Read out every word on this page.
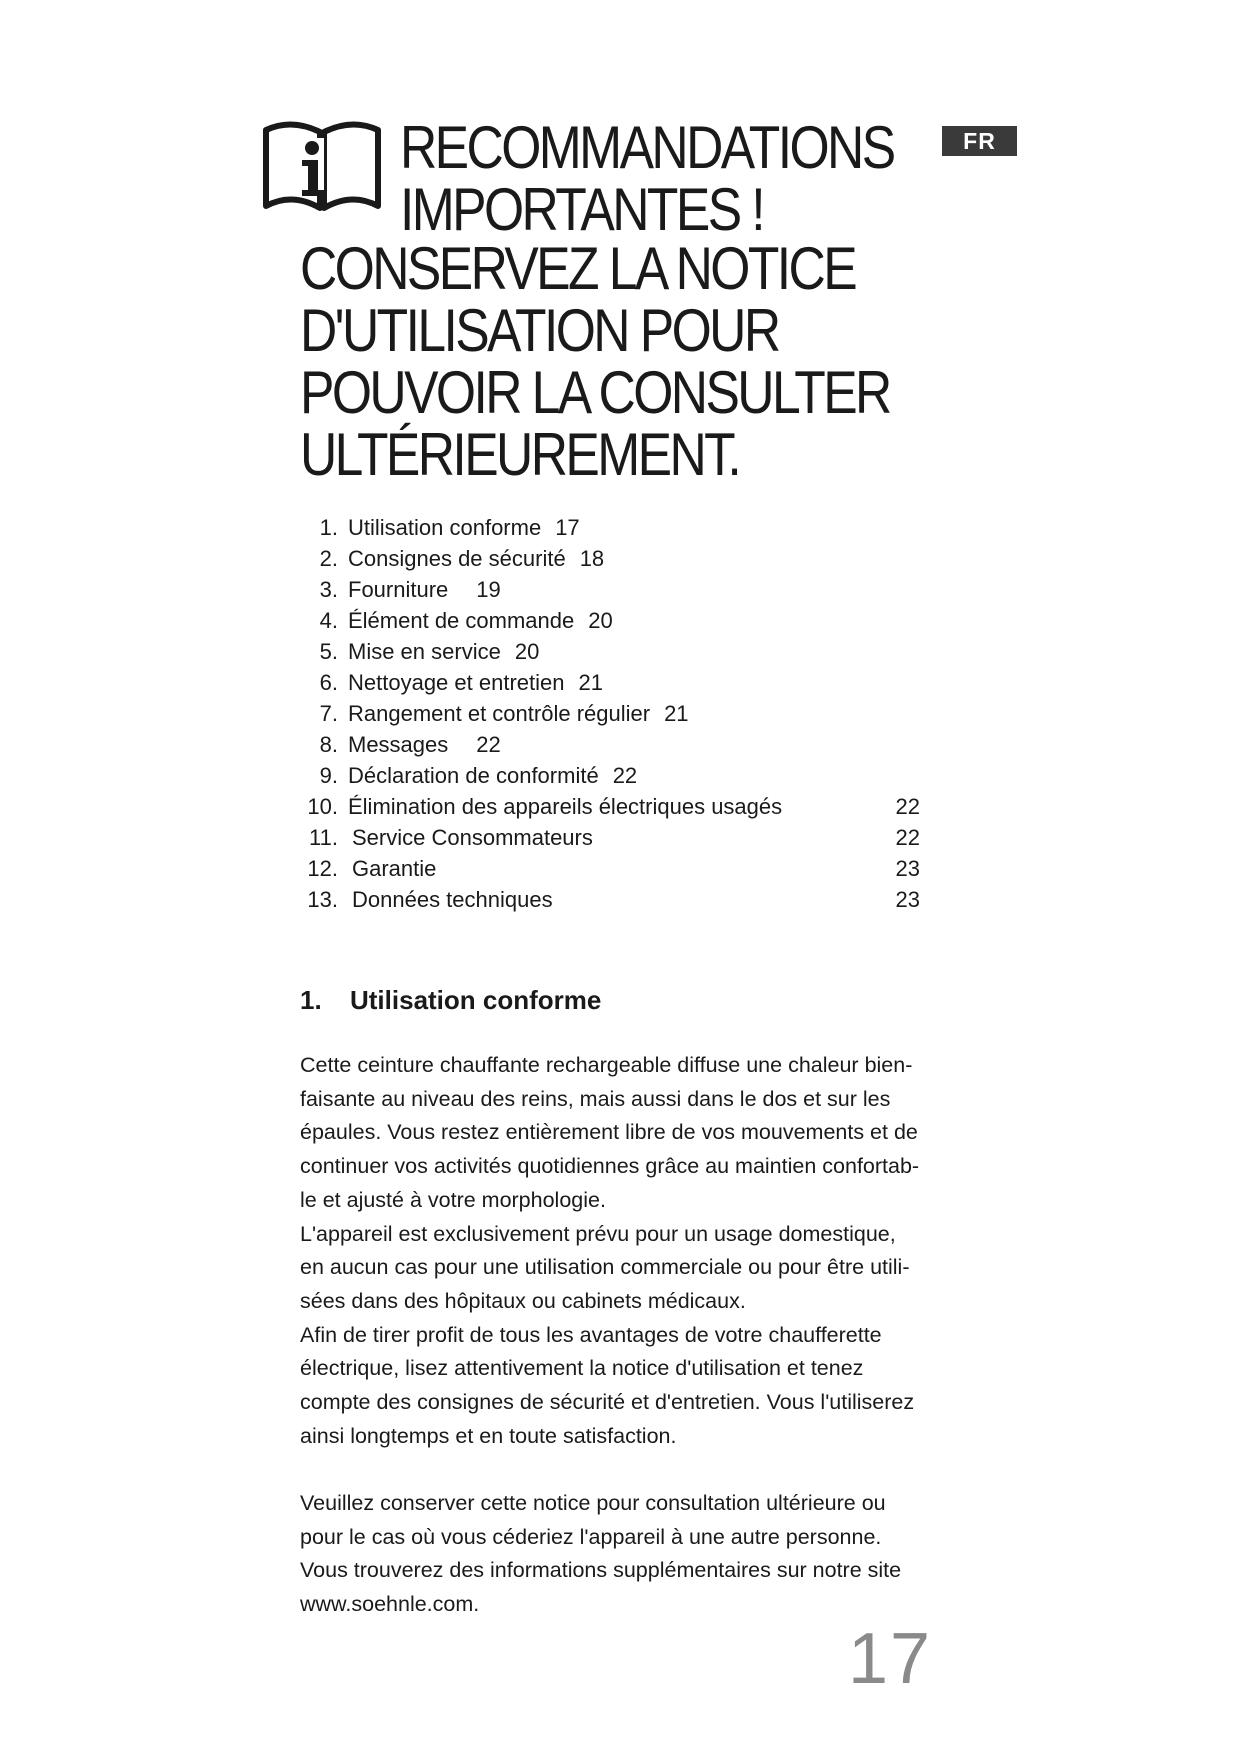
FR
RECOMMANDATIONS
IMPORTANTES !
CONSERVEZ LA NOTICE
D'UTILISATION POUR
POUVOIR LA CONSULTER
ULTÉRIEUREMENT.
1. Utilisation conforme 17
2. Consignes de sécurité 18
3. Fourniture 19
4. Élément de commande 20
5. Mise en service 20
6. Nettoyage et entretien 21
7. Rangement et contrôle régulier 21
8. Messages 22
9. Déclaration de conformité 22
10. Élimination des appareils électriques usagés	22
11. Service Consommateurs	22
12. Garantie	23
13. Données techniques	23
1. Utilisation conforme
Cette ceinture chauffante rechargeable diffuse une chaleur bien-
faisante au niveau des reins, mais aussi dans le dos et sur les
épaules. Vous restez entièrement libre de vos mouvements et de
continuer vos activités quotidiennes grâce au maintien confortab-
le et ajusté à votre morphologie.
L'appareil est exclusivement prévu pour un usage domestique,
en aucun cas pour une utilisation commerciale ou pour être utili-
sées dans des hôpitaux ou cabinets médicaux.
Afin de tirer profit de tous les avantages de votre chaufferette
électrique, lisez attentivement la notice d'utilisation et tenez
compte des consignes de sécurité et d'entretien. Vous l'utiliserez
ainsi longtemps et en toute satisfaction.
Veuillez conserver cette notice pour consultation ultérieure ou
pour le cas où vous céderiez l'appareil à une autre personne.
Vous trouverez des informations supplémentaires sur notre site
www.soehnle.com.
17
